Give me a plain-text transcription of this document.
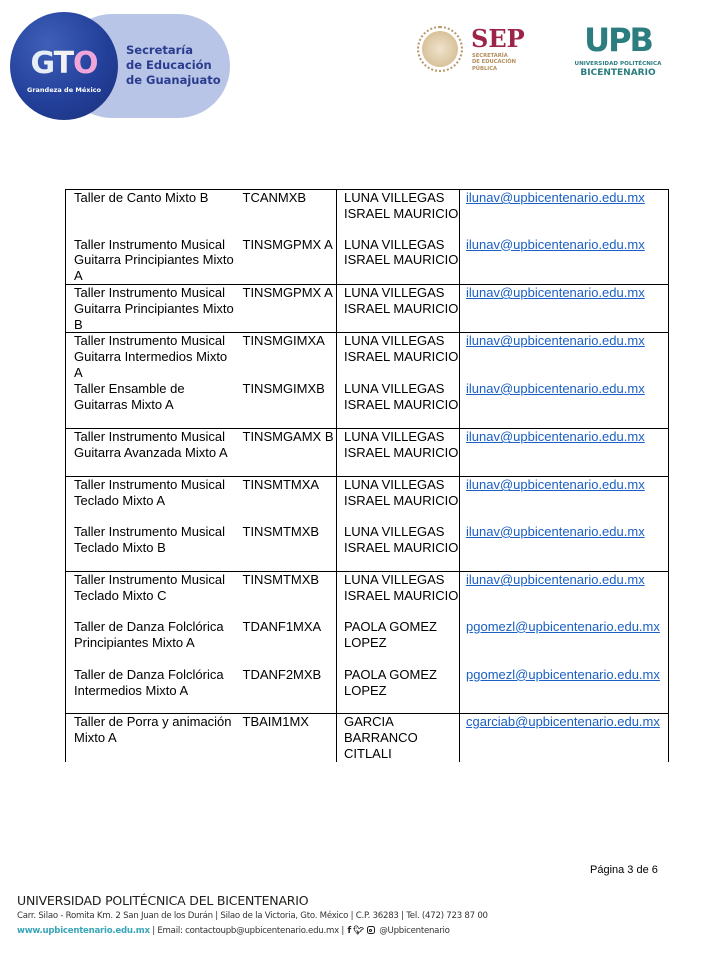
GTO
Grandeza de México
Secretaría
de Educación
de Guanajuato
SEP
SECRETARÍA
DE EDUCACIÓN
PÚBLICA
UPB
UNIVERSIDAD POLITÉCNICA
BICENTENARIO
Taller de Canto Mixto B	TCANMXB	LUNA VILLEGAS ISRAEL MAURICIO	ilunav@upbicentenario.edu.mx
Taller Instrumento Musical Guitarra Principiantes Mixto A	TINSMGPMX A	LUNA VILLEGAS ISRAEL MAURICIO	ilunav@upbicentenario.edu.mx
Taller Instrumento Musical Guitarra Principiantes Mixto B	TINSMGPMX A	LUNA VILLEGAS ISRAEL MAURICIO	ilunav@upbicentenario.edu.mx
Taller Instrumento Musical Guitarra Intermedios Mixto A	TINSMGIMXA	LUNA VILLEGAS ISRAEL MAURICIO	ilunav@upbicentenario.edu.mx
Taller Ensamble de Guitarras Mixto A	TINSMGIMXB	LUNA VILLEGAS ISRAEL MAURICIO	ilunav@upbicentenario.edu.mx
Taller Instrumento Musical Guitarra Avanzada Mixto A	TINSMGAMX B	LUNA VILLEGAS ISRAEL MAURICIO	ilunav@upbicentenario.edu.mx
Taller Instrumento Musical Teclado Mixto A	TINSMTMXA	LUNA VILLEGAS ISRAEL MAURICIO	ilunav@upbicentenario.edu.mx
Taller Instrumento Musical Teclado Mixto B	TINSMTMXB	LUNA VILLEGAS ISRAEL MAURICIO	ilunav@upbicentenario.edu.mx
Taller Instrumento Musical Teclado Mixto C	TINSMTMXB	LUNA VILLEGAS ISRAEL MAURICIO	ilunav@upbicentenario.edu.mx
Taller de Danza Folclórica Principiantes Mixto A	TDANF1MXA	PAOLA GOMEZ LOPEZ	pgomezl@upbicentenario.edu.mx
Taller de Danza Folclórica Intermedios Mixto A	TDANF2MXB	PAOLA GOMEZ LOPEZ	pgomezl@upbicentenario.edu.mx
Taller de Porra y animación Mixto A	TBAIM1MX	GARCIA BARRANCO CITLALI	cgarciab@upbicentenario.edu.mx
Página 3 de 6
UNIVERSIDAD POLITÉCNICA DEL BICENTENARIO
Carr. Silao - Romita Km. 2 San Juan de los Durán | Silao de la Victoria, Gto. México | C.P. 36283 | Tel. (472) 723 87 00
www.upbicentenario.edu.mx | Email: contactoupb@upbicentenario.edu.mx | f 🐦︎ @Upbicentenario
